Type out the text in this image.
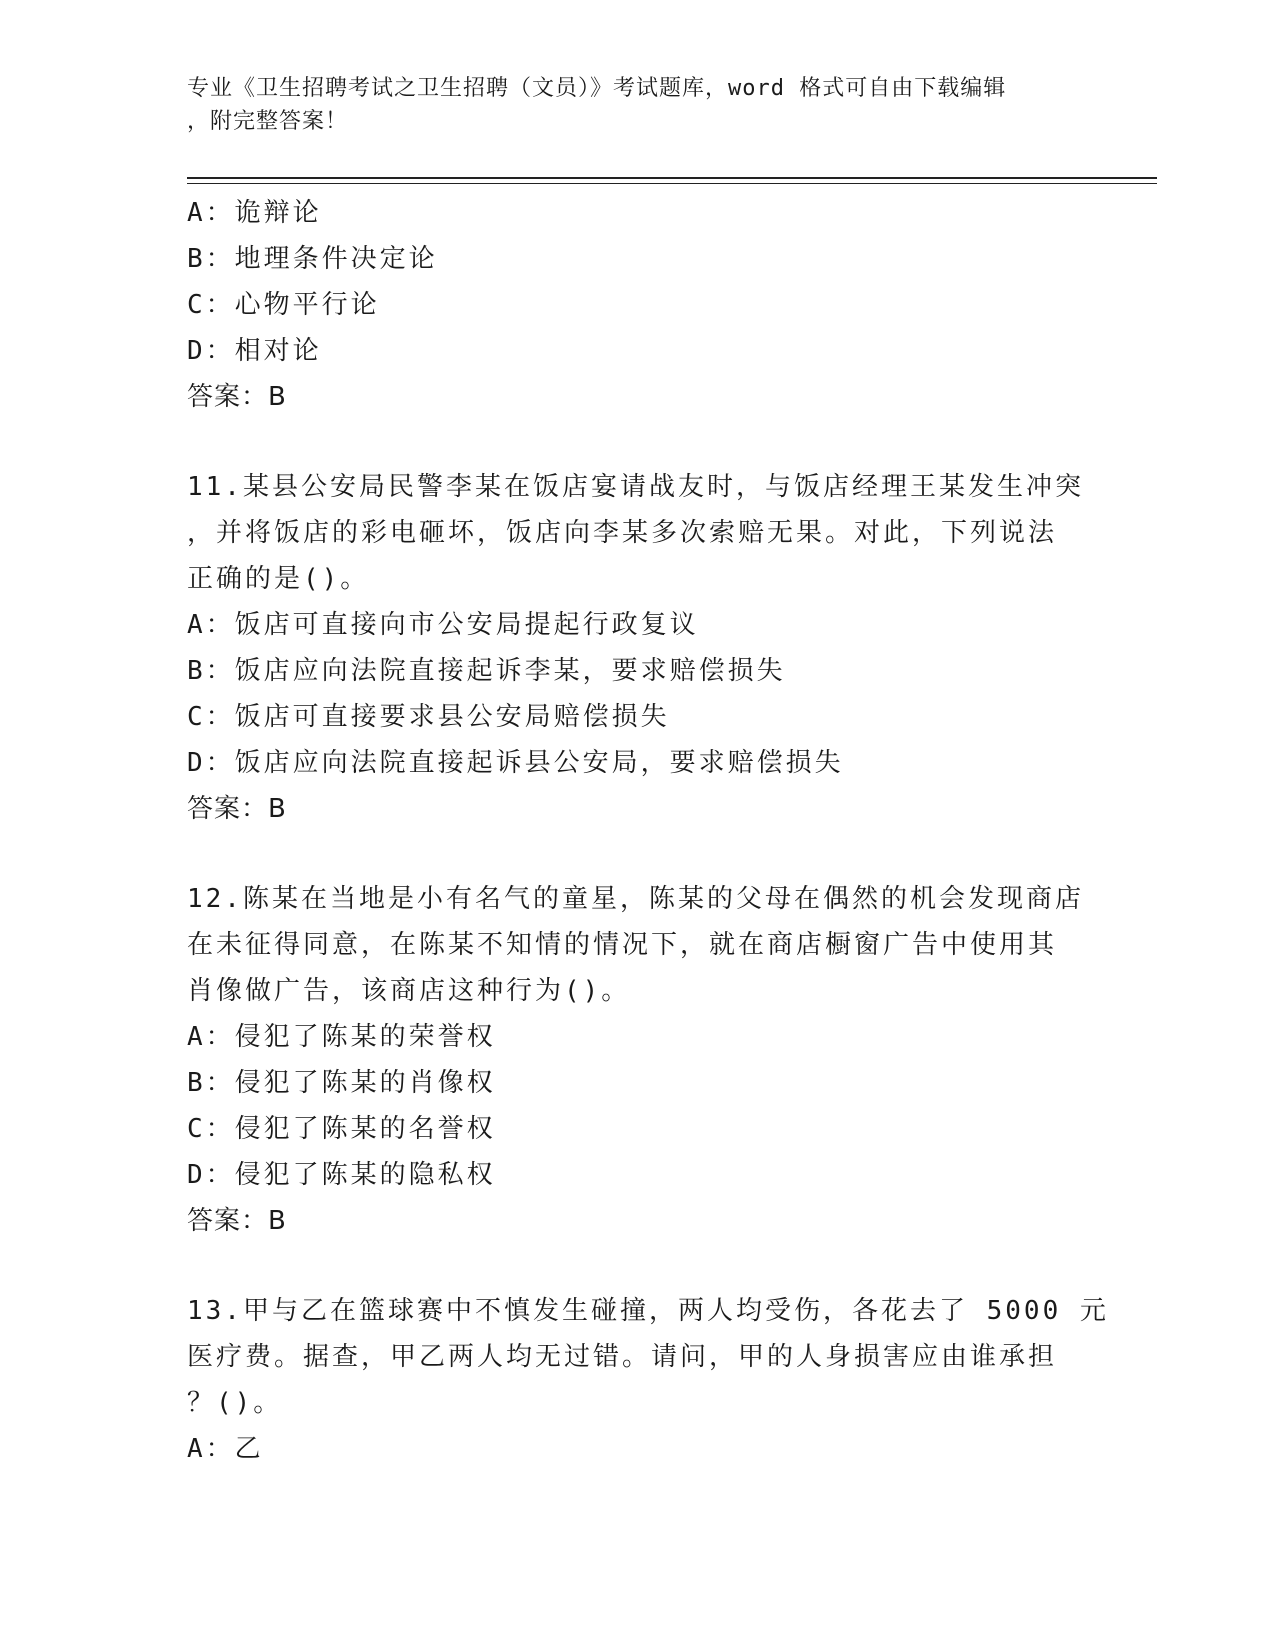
专业《卫生招聘考试之卫生招聘（文员）》考试题库，word 格式可自由下载编辑
，附完整答案！
A：诡辩论
B：地理条件决定论
C：心物平行论
D：相对论
答案：B
11.某县公安局民警李某在饭店宴请战友时，与饭店经理王某发生冲突
，并将饭店的彩电砸坏，饭店向李某多次索赔无果。对此，下列说法
正确的是()。
A：饭店可直接向市公安局提起行政复议
B：饭店应向法院直接起诉李某，要求赔偿损失
C：饭店可直接要求县公安局赔偿损失
D：饭店应向法院直接起诉县公安局，要求赔偿损失
答案：B
12.陈某在当地是小有名气的童星，陈某的父母在偶然的机会发现商店
在未征得同意，在陈某不知情的情况下，就在商店橱窗广告中使用其
肖像做广告，该商店这种行为()。
A：侵犯了陈某的荣誉权
B：侵犯了陈某的肖像权
C：侵犯了陈某的名誉权
D：侵犯了陈某的隐私权
答案：B
13.甲与乙在篮球赛中不慎发生碰撞，两人均受伤，各花去了 5000 元
医疗费。据查，甲乙两人均无过错。请问，甲的人身损害应由谁承担
？()。
A：乙
